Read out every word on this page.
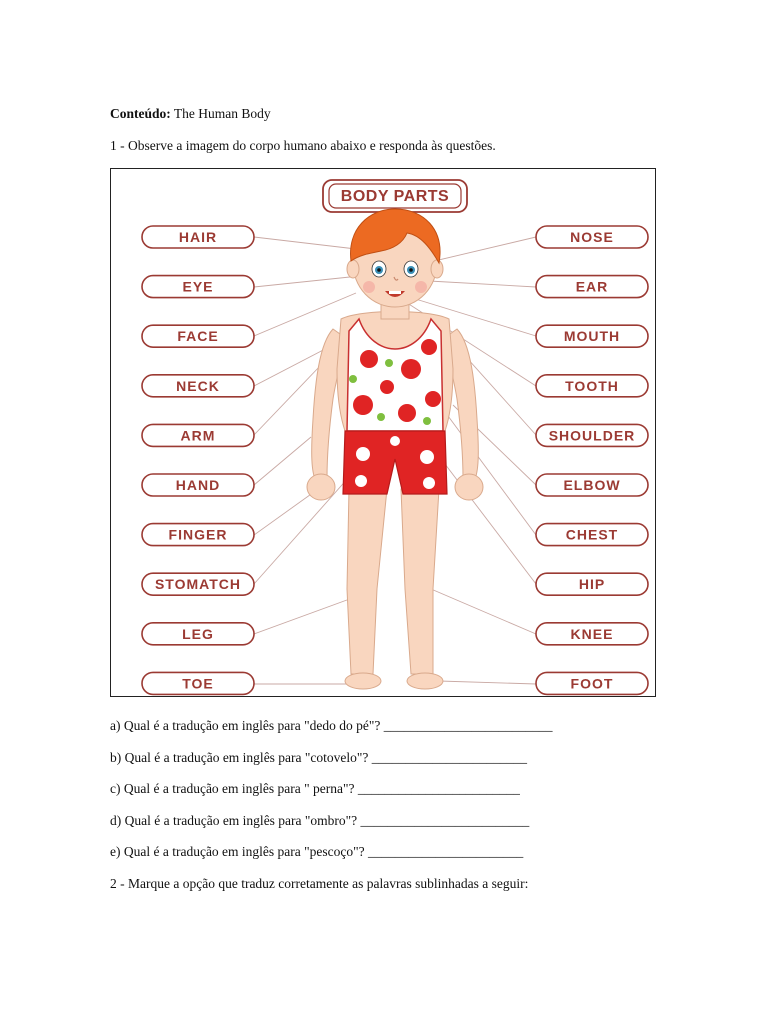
Conteúdo: The Human Body
1 - Observe a imagem do corpo humano abaixo e responda às questões.
BODY PARTS
HAIR
EYE
FACE
NECK
ARM
HAND
FINGER
STOMATCH
LEG
TOE
NOSE
EAR
MOUTH
TOOTH
SHOULDER
ELBOW
CHEST
HIP
KNEE
FOOT
a) Qual é a tradução em inglês para "dedo do pé"? _________________________
b) Qual é a tradução em inglês para "cotovelo"? _______________________
c) Qual é a tradução em inglês para " perna"? ________________________
d) Qual é a tradução em inglês para "ombro"? _________________________
e) Qual é a tradução em inglês para "pescoço"? _______________________
2 - Marque a opção que traduz corretamente as palavras sublinhadas a seguir:
